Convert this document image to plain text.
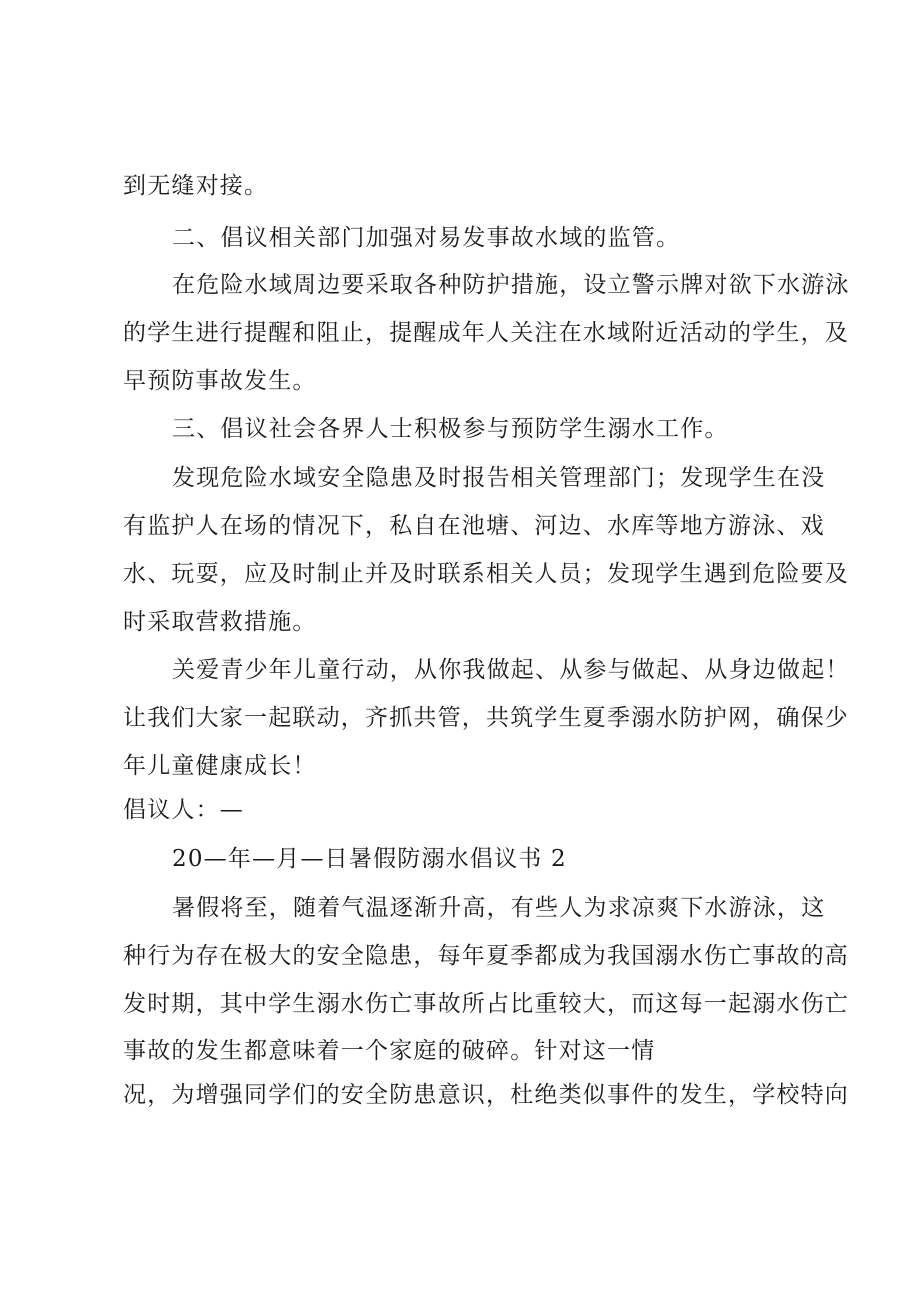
到无缝对接。
二、倡议相关部门加强对易发事故水域的监管。
在危险水域周边要采取各种防护措施，设立警示牌对欲下水游泳
的学生进行提醒和阻止，提醒成年人关注在水域附近活动的学生，及
早预防事故发生。
三、倡议社会各界人士积极参与预防学生溺水工作。
发现危险水域安全隐患及时报告相关管理部门；发现学生在没
有监护人在场的情况下，私自在池塘、河边、水库等地方游泳、戏
水、玩耍，应及时制止并及时联系相关人员；发现学生遇到危险要及
时采取营救措施。
关爱青少年儿童行动，从你我做起、从参与做起、从身边做起！
让我们大家一起联动，齐抓共管，共筑学生夏季溺水防护网，确保少
年儿童健康成长！
倡议人：—
20—年—月—日暑假防溺水倡议书 2
暑假将至，随着气温逐渐升高，有些人为求凉爽下水游泳，这
种行为存在极大的安全隐患，每年夏季都成为我国溺水伤亡事故的高
发时期，其中学生溺水伤亡事故所占比重较大，而这每一起溺水伤亡
事故的发生都意味着一个家庭的破碎。针对这一情
况，为增强同学们的安全防患意识，杜绝类似事件的发生，学校特向
